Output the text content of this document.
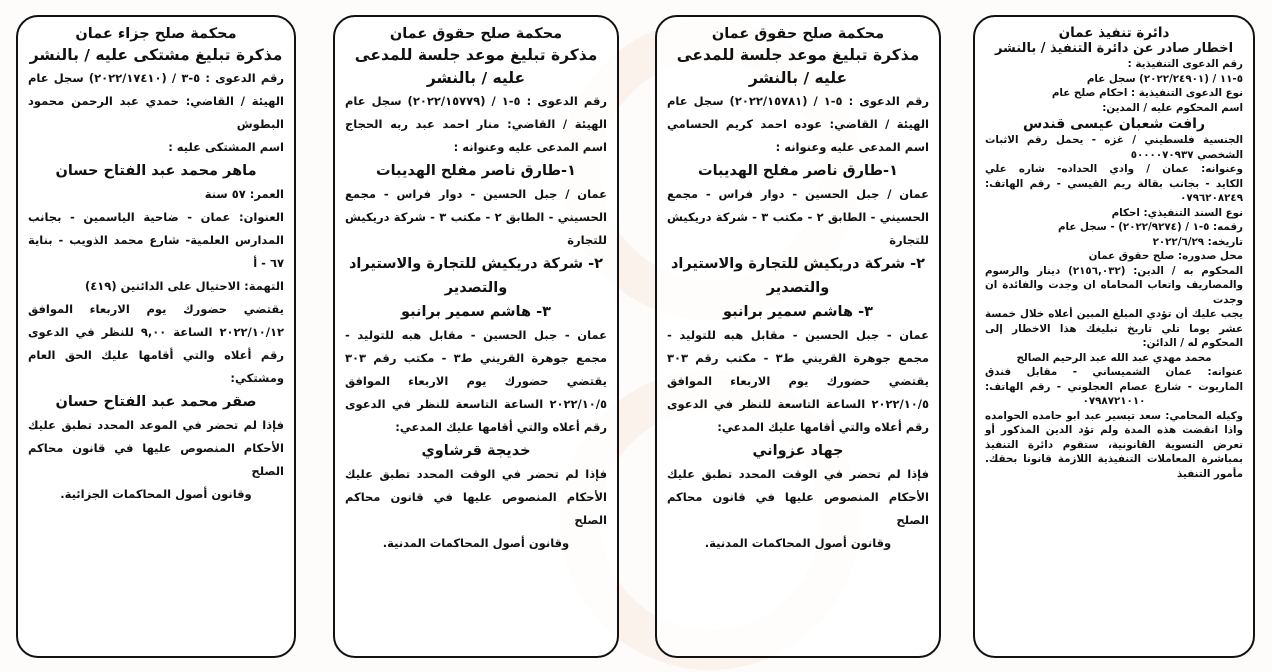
محكمة صلح جزاء عمان
مذكرة تبليغ مشتكى عليه / بالنشر
رقم الدعوى : ٥-٣ / (٢٠٢٢/١٧٤١٠) سجل عام
الهيئة / القاضي: حمدي عبد الرحمن محمود
البطوش
اسم المشتكى عليه :
ماهر محمد عبد الفتاح حسان
العمر: ٥٧ سنة
العنوان: عمان - ضاحية الياسمين - بجانب
المدارس العلمية- شارع محمد الذويب - بناية
٦٧ - أ
التهمة: الاحتيال على الدائنين (٤١٩)
يقتضي حضورك يوم الاربعاء الموافق
٢٠٢٢/١٠/١٢ الساعة ٩,٠٠ للنظر في الدعوى
رقم أعلاه والتي أقامها عليك الحق العام
ومشتكي:
صقر محمد عبد الفتاح حسان
فإذا لم تحضر في الموعد المحدد تطبق عليك
الأحكام المنصوص عليها في قانون محاكم الصلح
وقانون أصول المحاكمات الجزائية.
محكمة صلح حقوق عمان
مذكرة تبليغ موعد جلسة للمدعى
عليه / بالنشر
رقم الدعوى : ٥-١ / (٢٠٢٢/١٥٧٧٩) سجل عام
الهيئة / القاضي: منار احمد عبد ربه الحجاج
اسم المدعى عليه وعنوانه :
١-طارق ناصر مفلح الهديبات
عمان / جبل الحسين - دوار فراس - مجمع
الحسيني - الطابق ٢ - مكتب ٣ - شركة دريكيش
للتجارة
٢- شركة دريكيش للتجارة والاستيراد
والتصدير
٣- هاشم سمير برانبو
عمان - جبل الحسين - مقابل هبه للتوليد -
مجمع جوهرة القريني ط٣ - مكتب رقم ٣٠٣
يقتضي حضورك يوم الاربعاء الموافق
٢٠٢٢/١٠/٥ الساعة التاسعة للنظر في الدعوى
رقم أعلاه والتي أقامها عليك المدعي:
خديجة قرشاوي
فإذا لم تحضر في الوقت المحدد تطبق عليك
الأحكام المنصوص عليها في قانون محاكم الصلح
وقانون أصول المحاكمات المدنية.
محكمة صلح حقوق عمان
مذكرة تبليغ موعد جلسة للمدعى
عليه / بالنشر
رقم الدعوى : ٥-١ / (٢٠٢٢/١٥٧٨١) سجل عام
الهيئة / القاضي: عوده احمد كريم الحسامي
اسم المدعى عليه وعنوانه :
١-طارق ناصر مفلح الهديبات
عمان / جبل الحسين - دوار فراس - مجمع
الحسيني - الطابق ٢ - مكتب ٣ - شركة دريكيش
للتجارة
٢- شركة دريكيش للتجارة والاستيراد
والتصدير
٣- هاشم سمير برانبو
عمان - جبل الحسين - مقابل هبه للتوليد -
مجمع جوهرة القريني ط٣ - مكتب رقم ٣٠٣
يقتضي حضورك يوم الاربعاء الموافق
٢٠٢٢/١٠/٥ الساعة التاسعة للنظر في الدعوى
رقم أعلاه والتي أقامها عليك المدعي:
جهاد عزواني
فإذا لم تحضر في الوقت المحدد تطبق عليك
الأحكام المنصوص عليها في قانون محاكم الصلح
وقانون أصول المحاكمات المدنية.
دائرة تنفيذ عمان
اخطار صادر عن دائرة التنفيذ / بالنشر
رقم الدعوى التنفيذية :
٥-١١ / (٢٠٢٢/٢٤٩٠١) سجل عام
نوع الدعوى التنفيذية : احكام صلح عام
اسم المحكوم عليه / المدين:
رافت شعبان عيسى قندس
الجنسية فلسطيني / غزه - يحمل رقم الاثبات
الشخصي ٥٠٠٠٠٧٠٩٣٧
وعنوانه: عمان / وادي الحداده- شاره علي
الكايد - بجانب بقالة ريم القيسي - رقم الهاتف:
٠٧٩٦٢٠٨٢٤٩
نوع السند التنفيذي: احكام
رقمه: ٥-١ / (٢٠٢٢/٩٢٧٤) - سجل عام
تاريخه: ٢٠٢٢/٦/٢٩
محل صدوره: صلح حقوق عمان
المحكوم به / الدين: (٢١٥٦,٠٣٢) دينار والرسوم
والمصاريف واتعاب المحاماه ان وجدت والفائدة ان
وجدت
يجب عليك أن تؤدي المبلغ المبين أعلاه خلال خمسة
عشر يوما تلي تاريخ تبليغك هذا الاخطار إلى
المحكوم له / الدائن:
محمد مهدي عبد الله عبد الرحيم الصالح
عنوانه: عمان الشميساني - مقابل فندق
الماريوت - شارع عصام العجلوني - رقم الهاتف:
٠٧٩٨٧٢١٠١٠
وكيله المحامي: سعد تيسير عبد ابو حامده الحوامده
واذا انقضت هذه المدة ولم تؤد الدين المذكور أو
تعرض التسوية القانونية، ستقوم دائرة التنفيذ
بمباشرة المعاملات التنفيذية اللازمة قانونا بحقك.
مأمور التنفيذ
